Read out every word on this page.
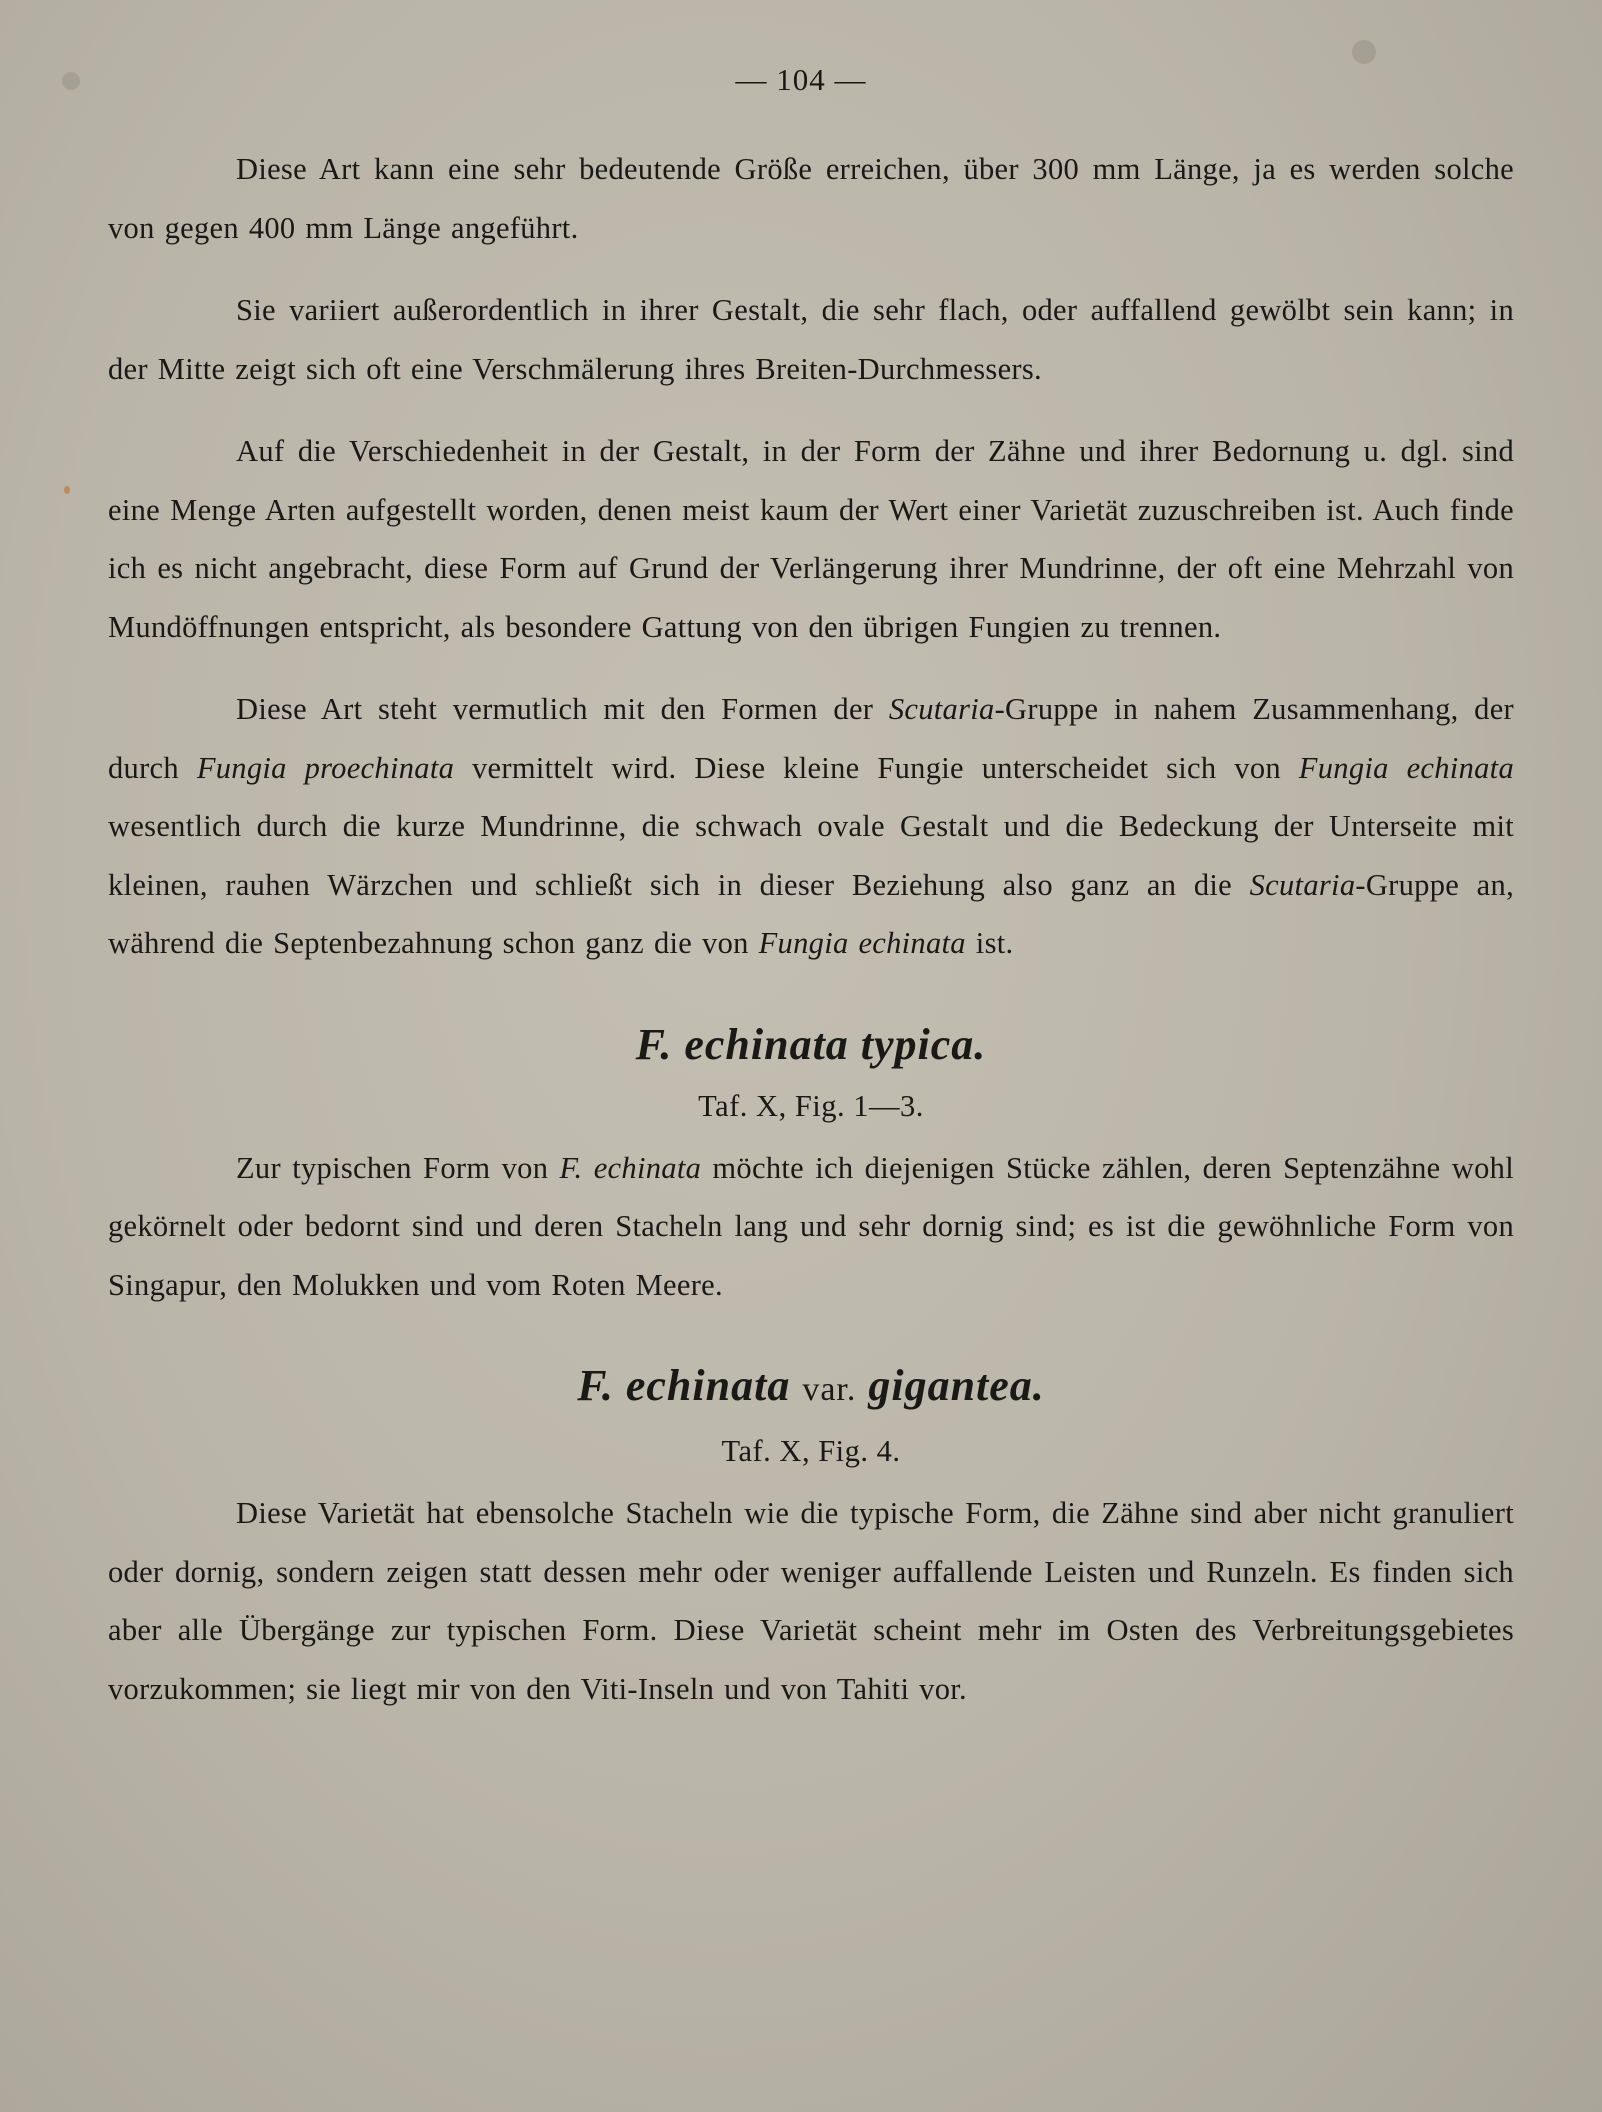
— 104 —

Diese Art kann eine sehr bedeutende Größe erreichen, über 300 mm Länge, ja es werden solche von gegen 400 mm Länge angeführt.

Sie variiert außerordentlich in ihrer Gestalt, die sehr flach, oder auffallend gewölbt sein kann; in der Mitte zeigt sich oft eine Verschmälerung ihres Breiten-Durchmessers.

Auf die Verschiedenheit in der Gestalt, in der Form der Zähne und ihrer Bedornung u. dgl. sind eine Menge Arten aufgestellt worden, denen meist kaum der Wert einer Varietät zuzuschreiben ist. Auch finde ich es nicht angebracht, diese Form auf Grund der Verlängerung ihrer Mundrinne, der oft eine Mehrzahl von Mundöffnungen entspricht, als besondere Gattung von den übrigen Fungien zu trennen.

Diese Art steht vermutlich mit den Formen der Scutaria-Gruppe in nahem Zusammenhang, der durch Fungia proechinata vermittelt wird. Diese kleine Fungie unterscheidet sich von Fungia echinata wesentlich durch die kurze Mundrinne, die schwach ovale Gestalt und die Bedeckung der Unterseite mit kleinen, rauhen Wärzchen und schließt sich in dieser Beziehung also ganz an die Scutaria-Gruppe an, während die Septenbezahnung schon ganz die von Fungia echinata ist.

F. echinata typica.
Taf. X, Fig. 1—3.

Zur typischen Form von F. echinata möchte ich diejenigen Stücke zählen, deren Septenzähne wohl gekörnelt oder bedornt sind und deren Stacheln lang und sehr dornig sind; es ist die gewöhnliche Form von Singapur, den Molukken und vom Roten Meere.

F. echinata var. gigantea.
Taf. X, Fig. 4.

Diese Varietät hat ebensolche Stacheln wie die typische Form, die Zähne sind aber nicht granuliert oder dornig, sondern zeigen statt dessen mehr oder weniger auffallende Leisten und Runzeln. Es finden sich aber alle Übergänge zur typischen Form. Diese Varietät scheint mehr im Osten des Verbreitungsgebietes vorzukommen; sie liegt mir von den Viti-Inseln und von Tahiti vor.
